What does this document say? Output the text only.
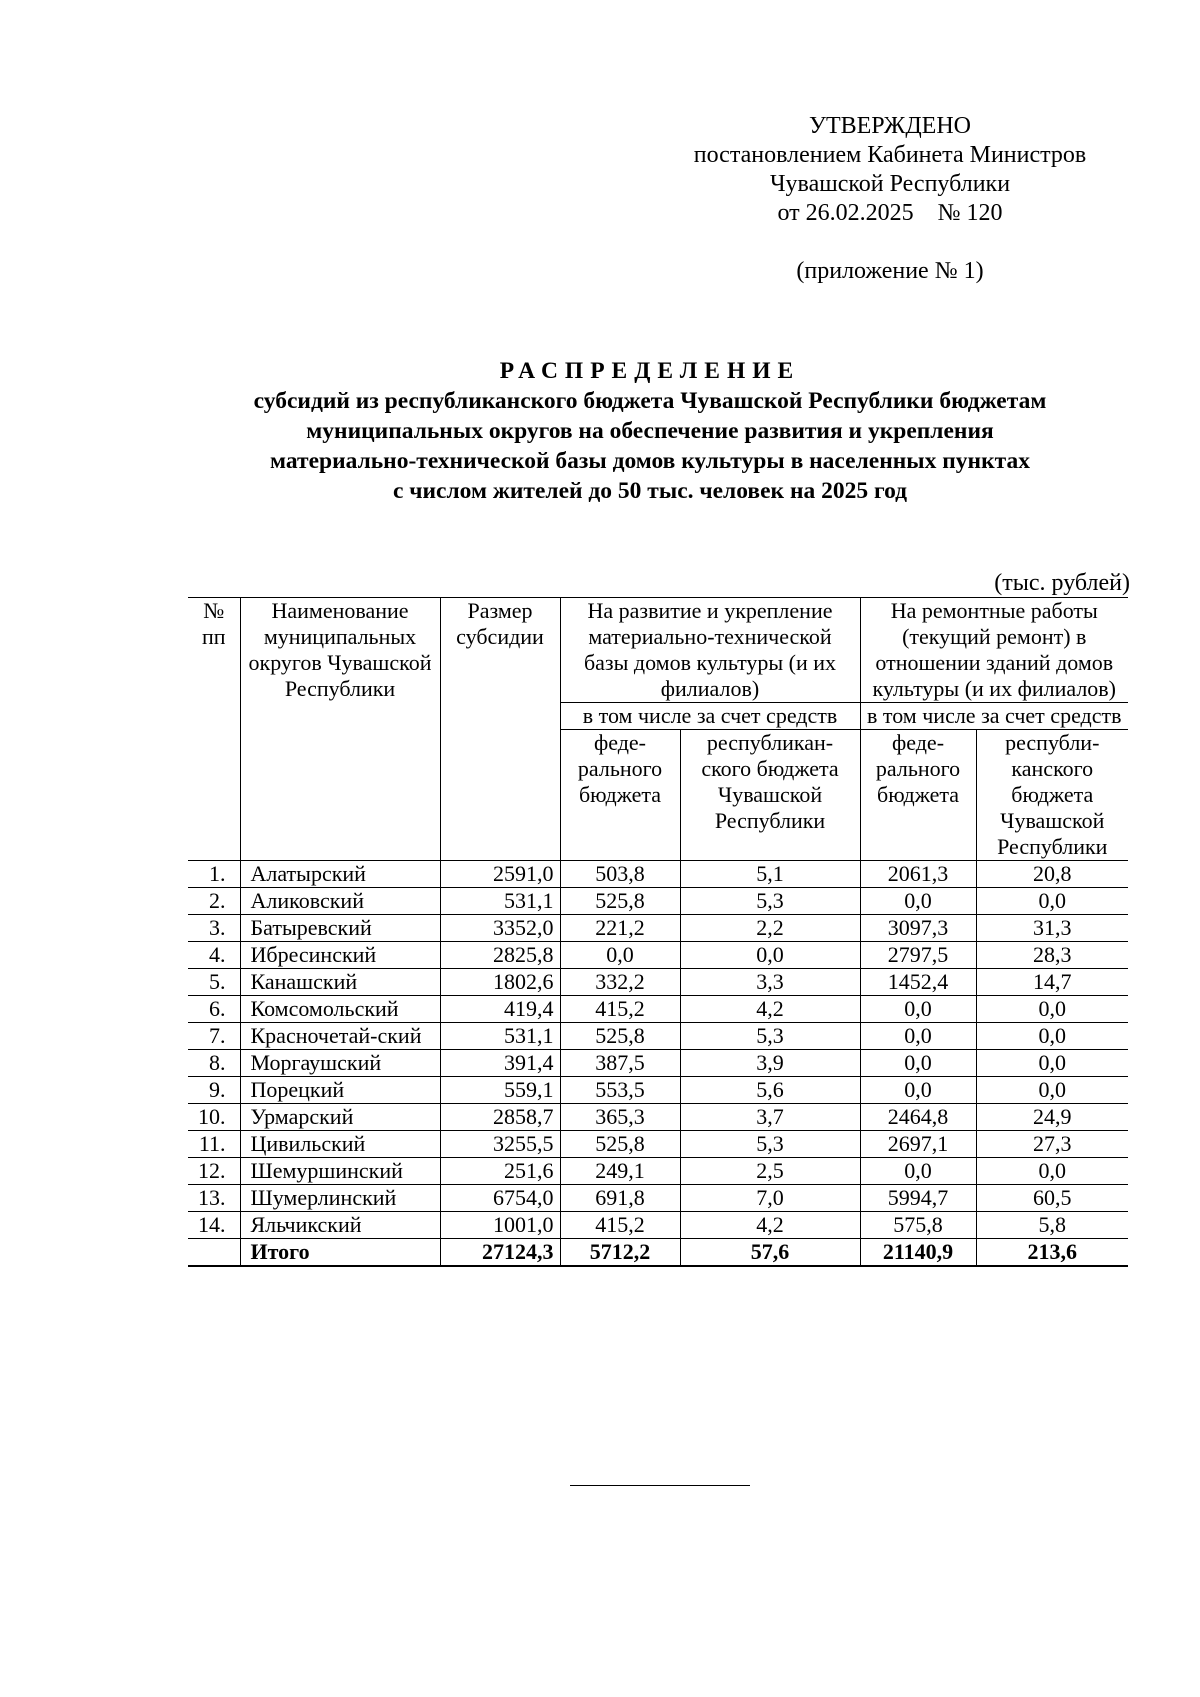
УТВЕРЖДЕНО
постановлением Кабинета Министров
Чувашской Республики
от 26.02.2025    № 120
(приложение № 1)
РАСПРЕДЕЛЕНИЕ
субсидий из республиканского бюджета Чувашской Республики бюджетам
муниципальных округов на обеспечение развития и укрепления
материально-технической базы домов культуры в населенных пунктах
с числом жителей до 50 тыс. человек на 2025 год
(тыс. рублей)
№ пп	Наименование муниципальных округов Чувашской Республики	Размер субсидии	На развитие и укрепление материально-технической базы домов культуры (и их филиалов)		На ремонтные работы (текущий ремонт) в отношении зданий домов культуры (и их филиалов)	
			в том числе за счет средств		в том числе за счет средств	
			феде-рального бюджета	республикан-ского бюджета Чувашской Республики	феде-рального бюджета	республи-канского бюджета Чувашской Республики
1.	Алатырский	2591,0	503,8	5,1	2061,3	20,8
2.	Аликовский	531,1	525,8	5,3	0,0	0,0
3.	Батыревский	3352,0	221,2	2,2	3097,3	31,3
4.	Ибресинский	2825,8	0,0	0,0	2797,5	28,3
5.	Канашский	1802,6	332,2	3,3	1452,4	14,7
6.	Комсомольский	419,4	415,2	4,2	0,0	0,0
7.	Красночетай-ский	531,1	525,8	5,3	0,0	0,0
8.	Моргаушский	391,4	387,5	3,9	0,0	0,0
9.	Порецкий	559,1	553,5	5,6	0,0	0,0
10.	Урмарский	2858,7	365,3	3,7	2464,8	24,9
11.	Цивильский	3255,5	525,8	5,3	2697,1	27,3
12.	Шемуршинский	251,6	249,1	2,5	0,0	0,0
13.	Шумерлинский	6754,0	691,8	7,0	5994,7	60,5
14.	Яльчикский	1001,0	415,2	4,2	575,8	5,8
	Итого	27124,3	5712,2	57,6	21140,9	213,6
